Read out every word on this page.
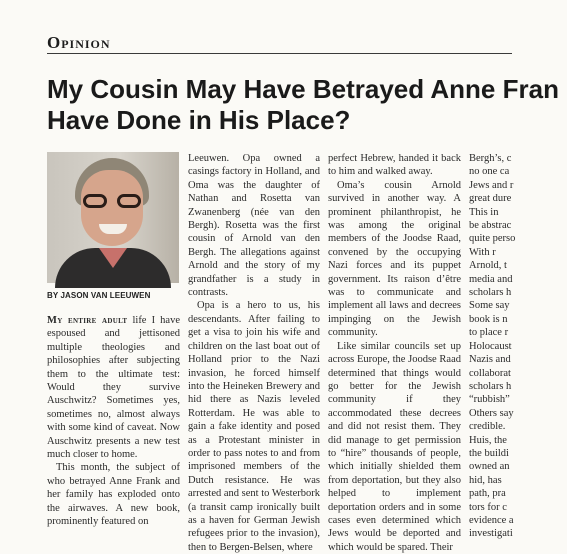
Opinion
My Cousin May Have Betrayed Anne Fran
Have Done in His Place?
BY JASON VAN LEEUWEN

My entire adult life I have espoused and jettisoned multiple theologies and philosophies after subjecting them to the ultimate test: Would they survive Auschwitz? Sometimes yes, sometimes no, almost always with some kind of caveat. Now Auschwitz presents a new test much closer to home.

This month, the subject of who betrayed Anne Frank and her family has exploded onto the airwaves. A new book, prominently featured on

Leeuwen. Opa owned a casings factory in Holland, and Oma was the daughter of Nathan and Rosetta van Zwanenberg (née van den Bergh). Rosetta was the first cousin of Arnold van den Bergh. The allegations against Arnold and the story of my grandfather is a study in contrasts.

Opa is a hero to us, his descendants. After failing to get a visa to join his wife and children on the last boat out of Holland prior to the Nazi invasion, he forced himself into the Heineken Brewery and hid there as Nazis leveled Rotterdam. He was able to gain a fake identity and posed as a Protestant minister in order to pass notes to and from imprisoned members of the Dutch resistance. He was arrested and sent to Westerbork (a transit camp ironically built as a haven for German Jewish refugees prior to the invasion), then to Bergen-Belsen, where

perfect Hebrew, handed it back to him and walked away.

Oma’s cousin Arnold survived in another way. A prominent philanthropist, he was among the original members of the Joodse Raad, convened by the occupying Nazi forces and its puppet government. Its raison d’être was to communicate and implement all laws and decrees impinging on the Jewish community.

Like similar councils set up across Europe, the Joodse Raad determined that things would go better for the Jewish community if they accommodated these decrees and did not resist them. They did manage to get permission to “hire” thousands of people, which initially shielded them from deportation, but they also helped to implement deportation orders and in some cases even determined which Jews would be deported and which would be spared. Their

Bergh’s, c
no one ca
Jews and r
great dure
This in
be abstrac
quite perso
With r
Arnold, t
media and
scholars h
Some say
book is n
to place r
Holocaust
Nazis and
collaborat
scholars h
“rubbish”
Others say
credible.
Huis, the
the buildi
owned an
hid, has
path, pra
tors for c
evidence a
investigati
